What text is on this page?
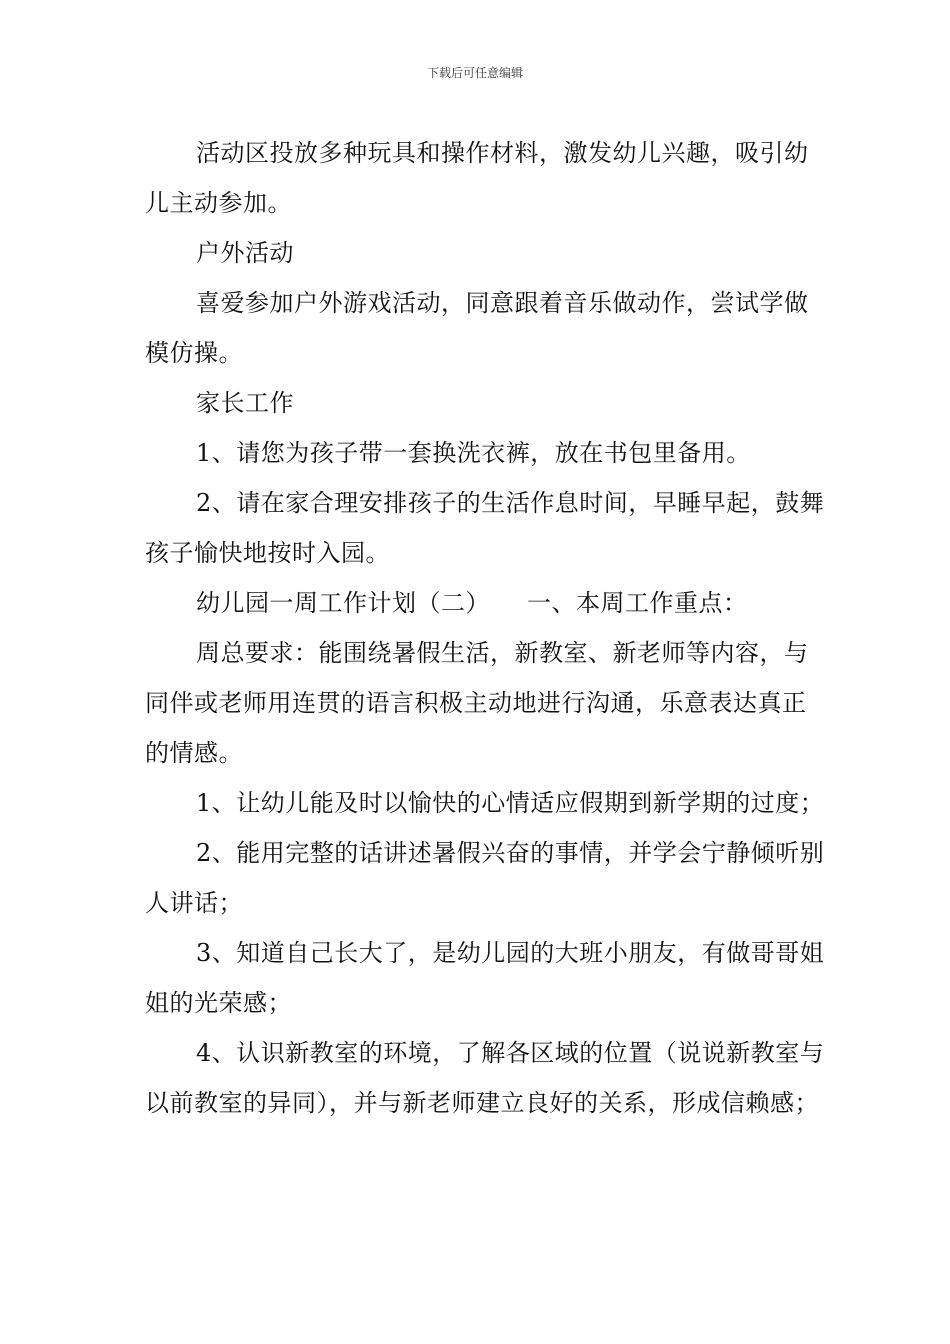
下载后可任意编辑

活动区投放多种玩具和操作材料，激发幼儿兴趣，吸引幼儿主动参加。

户外活动

喜爱参加户外游戏活动，同意跟着音乐做动作，尝试学做模仿操。

家长工作

1、请您为孩子带一套换洗衣裤，放在书包里备用。

2、请在家合理安排孩子的生活作息时间，早睡早起，鼓舞孩子愉快地按时入园。

幼儿园一周工作计划（二）　　一、本周工作重点：

周总要求：能围绕暑假生活，新教室、新老师等内容，与同伴或老师用连贯的语言积极主动地进行沟通，乐意表达真正的情感。

1、让幼儿能及时以愉快的心情适应假期到新学期的过度；

2、能用完整的话讲述暑假兴奋的事情，并学会宁静倾听别人讲话；

3、知道自己长大了，是幼儿园的大班小朋友，有做哥哥姐姐的光荣感；

4、认识新教室的环境，了解各区域的位置（说说新教室与以前教室的异同），并与新老师建立良好的关系，形成信赖感；
